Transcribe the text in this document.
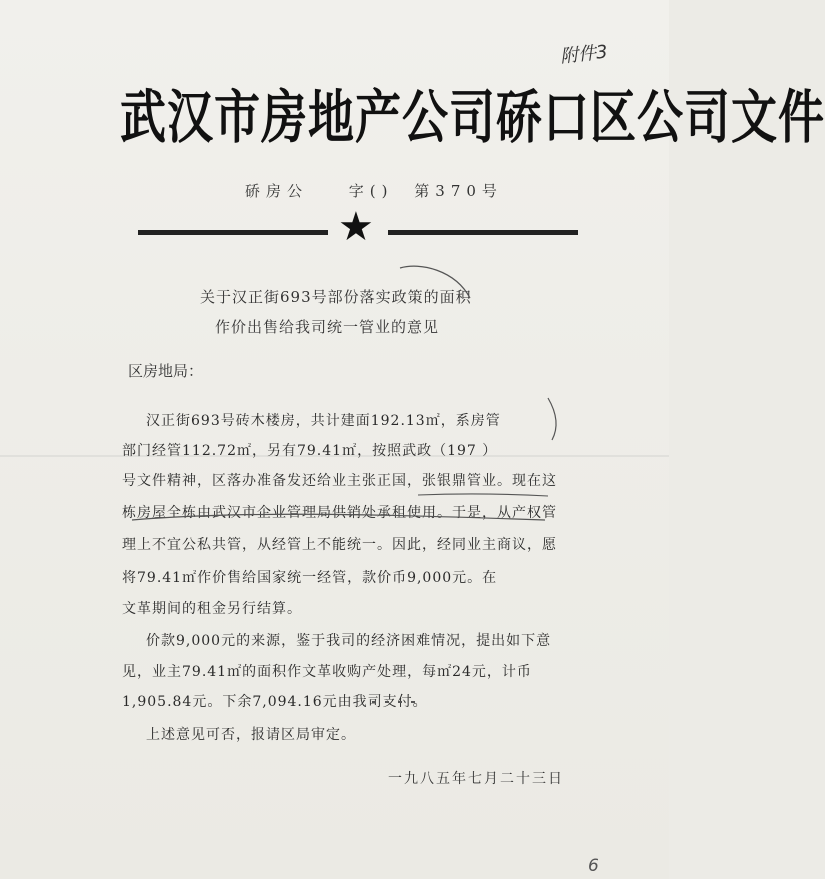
附件3
武汉市房地产公司硚口区公司文件
硚房公	字() 第370号
★
关于汉正街693号部份落实政策的面积
作价出售给我司统一管业的意见
区房地局：
汉正街693号砖木楼房，共计建面192.13㎡，系房管
部门经管112.72㎡，另有79.41㎡，按照武政（197 ）
号文件精神，区落办准备发还给业主张正国，张银鼎管业。现在这
栋房屋全栋由武汉市企业管理局供销处承租使用。于是，从产权管
理上不宜公私共管，从经管上不能统一。因此，经同业主商议，愿
将79.41㎡作价售给国家统一经管，款价币9,000元。在
文革期间的租金另行结算。
价款9,000元的来源，鉴于我司的经济困难情况，提出如下意
见，业主79.41㎡的面积作文革收购产处理，每㎡24元，计币
1,905.84元。下余7,094.16元由我司支付。
上述意见可否，报请区局审定。
一九八五年七月二十三日
6
